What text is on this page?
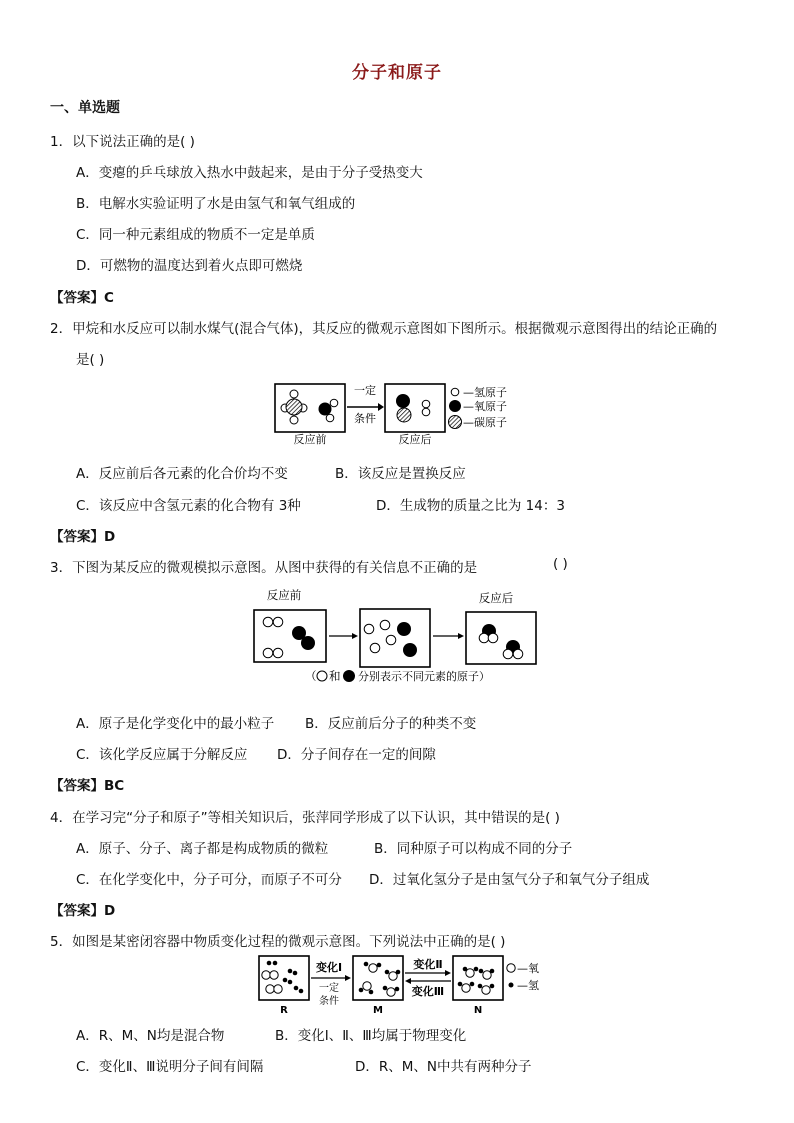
分子和原子
一、单选题
1．以下说法正确的是( )
A．变瘪的乒乓球放入热水中鼓起来，是由于分子受热变大
B．电解水实验证明了水是由氢气和氧气组成的
C．同一种元素组成的物质不一定是单质
D．可燃物的温度达到着火点即可燃烧
【答案】C
2．甲烷和水反应可以制水煤气(混合气体)，其反应的微观示意图如下图所示。根据微观示意图得出的结论正确的
是( )
一定
条件
反应前	反应后
—氢原子
—氧原子
—碳原子
A．反应前后各元素的化合价均不变	B．该反应是置换反应
C．该反应中含氢元素的化合物有 3种	D．生成物的质量之比为 14：3
【答案】D
3．下图为某反应的微观模拟示意图。从图中获得的有关信息不正确的是	( )
反应前	反应后
（ 和 分别表示不同元素的原子）
A．原子是化学变化中的最小粒子 B．反应前后分子的种类不变
C．该化学反应属于分解反应 D．分子间存在一定的间隙
【答案】BC
4．在学习完“分子和原子”等相关知识后，张萍同学形成了以下认识，其中错误的是( )
A．原子、分子、离子都是构成物质的微粒	B．同种原子可以构成不同的分子
C．在化学变化中，分子可分，而原子不可分 D．过氧化氢分子是由氢气分子和氧气分子组成
【答案】D
5．如图是某密闭容器中物质变化过程的微观示意图。下列说法中正确的是( )
变化Ⅰ
一定
条件
变化Ⅱ
变化Ⅲ
—氧
—氢
R	M	N
A．R、M、N均是混合物	B．变化Ⅰ、Ⅱ、Ⅲ均属于物理变化
C．变化Ⅱ、Ⅲ说明分子间有间隔	D．R、M、N中共有两种分子
